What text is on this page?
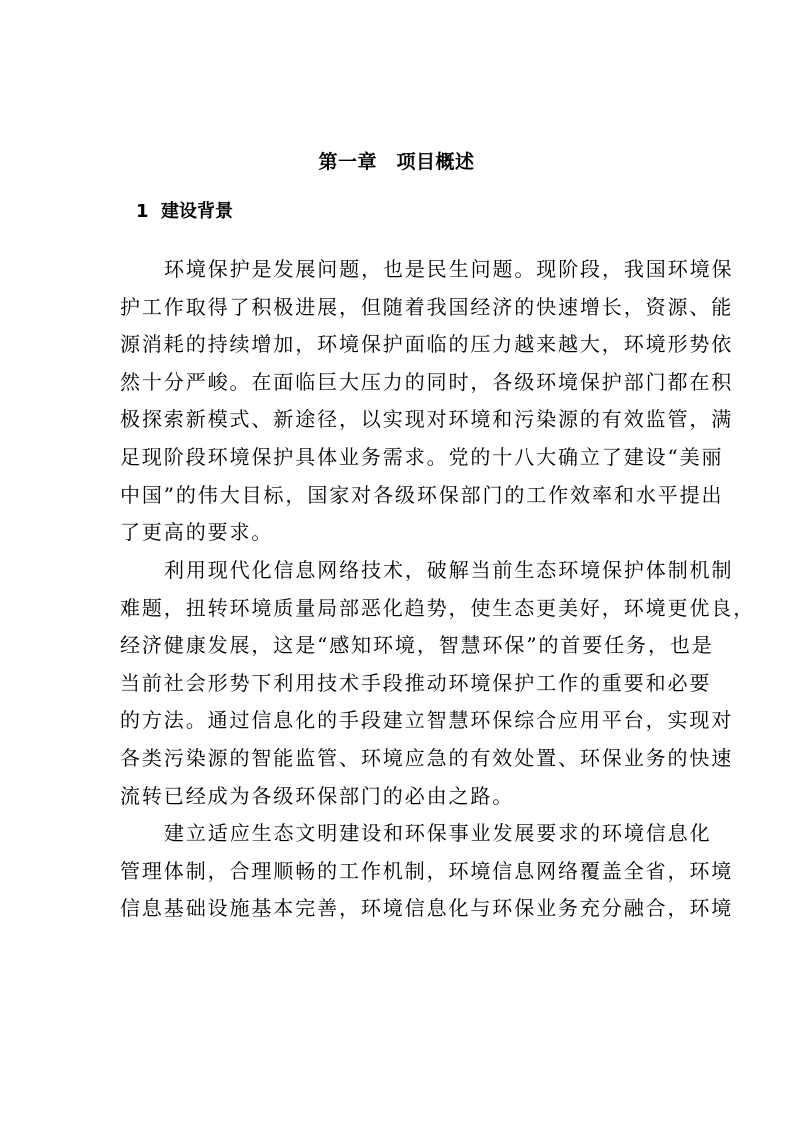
第一章　项目概述
1  建设背景
环境保护是发展问题，也是民生问题。现阶段，我国环境保
护工作取得了积极进展，但随着我国经济的快速增长，资源、能
源消耗的持续增加，环境保护面临的压力越来越大，环境形势依
然十分严峻。在面临巨大压力的同时，各级环境保护部门都在积
极探索新模式、新途径，以实现对环境和污染源的有效监管，满
足现阶段环境保护具体业务需求。党的十八大确立了建设“美丽
中国”的伟大目标，国家对各级环保部门的工作效率和水平提出
了更高的要求。
利用现代化信息网络技术，破解当前生态环境保护体制机制
难题，扭转环境质量局部恶化趋势，使生态更美好，环境更优良，
经济健康发展，这是“感知环境，智慧环保”的首要任务，也是
当前社会形势下利用技术手段推动环境保护工作的重要和必要
的方法。通过信息化的手段建立智慧环保综合应用平台，实现对
各类污染源的智能监管、环境应急的有效处置、环保业务的快速
流转已经成为各级环保部门的必由之路。
建立适应生态文明建设和环保事业发展要求的环境信息化
管理体制，合理顺畅的工作机制，环境信息网络覆盖全省，环境
信息基础设施基本完善，环境信息化与环保业务充分融合，环境
